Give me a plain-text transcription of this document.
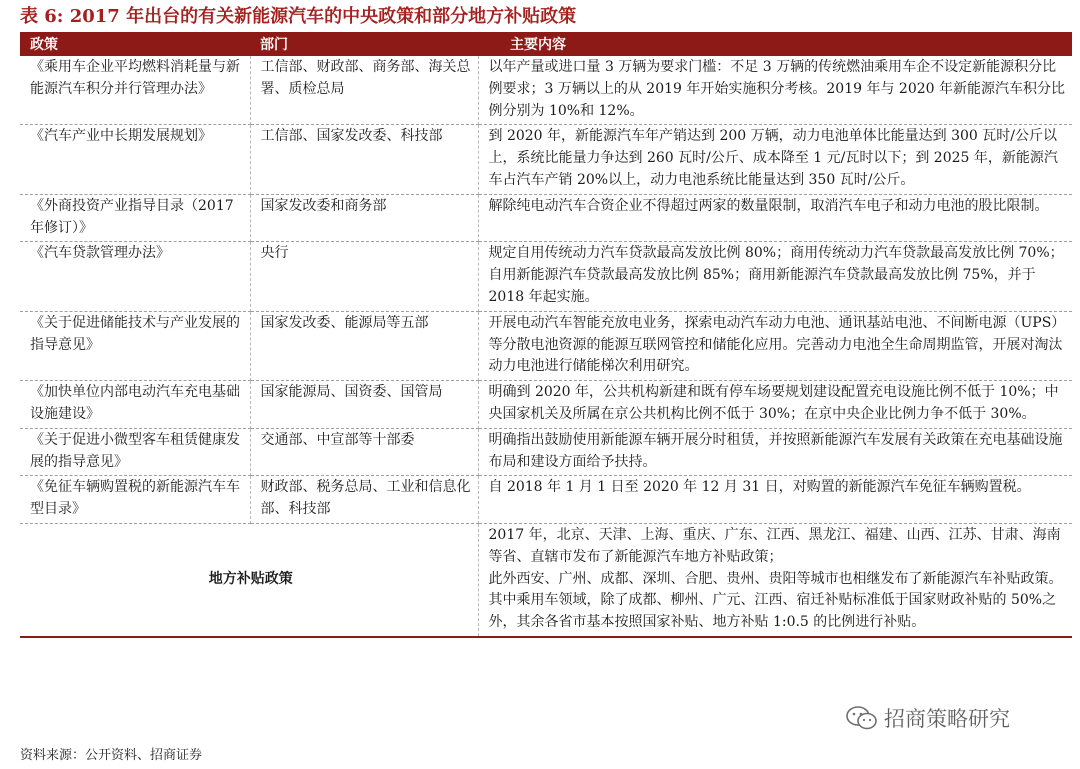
表 6: 2017 年出台的有关新能源汽车的中央政策和部分地方补贴政策
政策	部门	主要内容
《乘用车企业平均燃料消耗量与新能源汽车积分并行管理办法》	工信部、财政部、商务部、海关总署、质检总局	以年产量或进口量 3 万辆为要求门槛：不足 3 万辆的传统燃油乘用车企不设定新能源积分比例要求；3 万辆以上的从 2019 年开始实施积分考核。2019 年与 2020 年新能源汽车积分比例分别为 10%和 12%。
《汽车产业中长期发展规划》	工信部、国家发改委、科技部	到 2020 年，新能源汽车年产销达到 200 万辆，动力电池单体比能量达到 300 瓦时/公斤以上，系统比能量力争达到 260 瓦时/公斤、成本降至 1 元/瓦时以下；到 2025 年，新能源汽车占汽车产销 20%以上，动力电池系统比能量达到 350 瓦时/公斤。
《外商投资产业指导目录（2017 年修订）》	国家发改委和商务部	解除纯电动汽车合资企业不得超过两家的数量限制，取消汽车电子和动力电池的股比限制。
《汽车贷款管理办法》	央行	规定自用传统动力汽车贷款最高发放比例 80%；商用传统动力汽车贷款最高发放比例 70%；自用新能源汽车贷款最高发放比例 85%；商用新能源汽车贷款最高发放比例 75%，并于 2018 年起实施。
《关于促进储能技术与产业发展的指导意见》	国家发改委、能源局等五部	开展电动汽车智能充放电业务，探索电动汽车动力电池、通讯基站电池、不间断电源（UPS）等分散电池资源的能源互联网管控和储能化应用。完善动力电池全生命周期监管，开展对淘汰动力电池进行储能梯次利用研究。
《加快单位内部电动汽车充电基础设施建设》	国家能源局、国资委、国管局	明确到 2020 年，公共机构新建和既有停车场要规划建设配置充电设施比例不低于 10%；中央国家机关及所属在京公共机构比例不低于 30%；在京中央企业比例力争不低于 30%。
《关于促进小微型客车租赁健康发展的指导意见》	交通部、中宣部等十部委	明确指出鼓励使用新能源车辆开展分时租赁，并按照新能源汽车发展有关政策在充电基础设施布局和建设方面给予扶持。
《免征车辆购置税的新能源汽车车型目录》	财政部、税务总局、工业和信息化部、科技部	自 2018 年 1 月 1 日至 2020 年 12 月 31 日，对购置的新能源汽车免征车辆购置税。
地方补贴政策		2017 年，北京、天津、上海、重庆、广东、江西、黑龙江、福建、山西、江苏、甘肃、海南等省、直辖市发布了新能源汽车地方补贴政策；
此外西安、广州、成都、深圳、合肥、贵州、贵阳等城市也相继发布了新能源汽车补贴政策。其中乘用车领域，除了成都、柳州、广元、江西、宿迁补贴标准低于国家财政补贴的 50%之外，其余各省市基本按照国家补贴、地方补贴 1:0.5 的比例进行补贴。
资料来源：公开资料、招商证券
招商策略研究
